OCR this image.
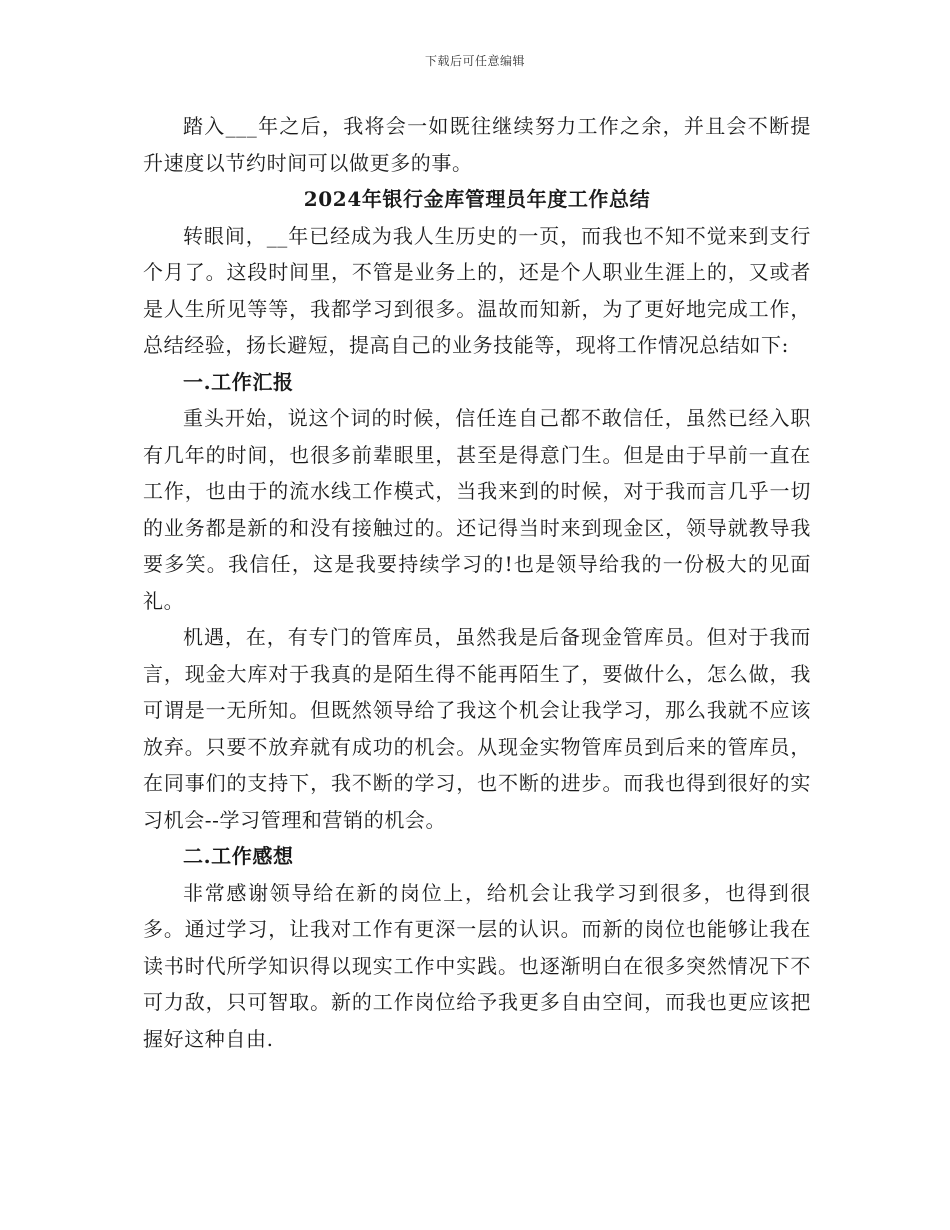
下载后可任意编辑

踏入___年之后，我将会一如既往继续努力工作之余，并且会不断提升速度以节约时间可以做更多的事。

2024年银行金库管理员年度工作总结

转眼间，__年已经成为我人生历史的一页，而我也不知不觉来到支行个月了。这段时间里，不管是业务上的，还是个人职业生涯上的，又或者是人生所见等等，我都学习到很多。温故而知新，为了更好地完成工作，总结经验，扬长避短，提高自己的业务技能等，现将工作情况总结如下:

一.工作汇报

重头开始，说这个词的时候，信任连自己都不敢信任，虽然已经入职有几年的时间，也很多前辈眼里，甚至是得意门生。但是由于早前一直在工作，也由于的流水线工作模式，当我来到的时候，对于我而言几乎一切的业务都是新的和没有接触过的。还记得当时来到现金区，领导就教导我要多笑。我信任，这是我要持续学习的!也是领导给我的一份极大的见面礼。

机遇，在，有专门的管库员，虽然我是后备现金管库员。但对于我而言，现金大库对于我真的是陌生得不能再陌生了，要做什么，怎么做，我可谓是一无所知。但既然领导给了我这个机会让我学习，那么我就不应该放弃。只要不放弃就有成功的机会。从现金实物管库员到后来的管库员，在同事们的支持下，我不断的学习，也不断的进步。而我也得到很好的实习机会--学习管理和营销的机会。

二.工作感想

非常感谢领导给在新的岗位上，给机会让我学习到很多，也得到很多。通过学习，让我对工作有更深一层的认识。而新的岗位也能够让我在读书时代所学知识得以现实工作中实践。也逐渐明白在很多突然情况下不可力敌，只可智取。新的工作岗位给予我更多自由空间，而我也更应该把握好这种自由.
